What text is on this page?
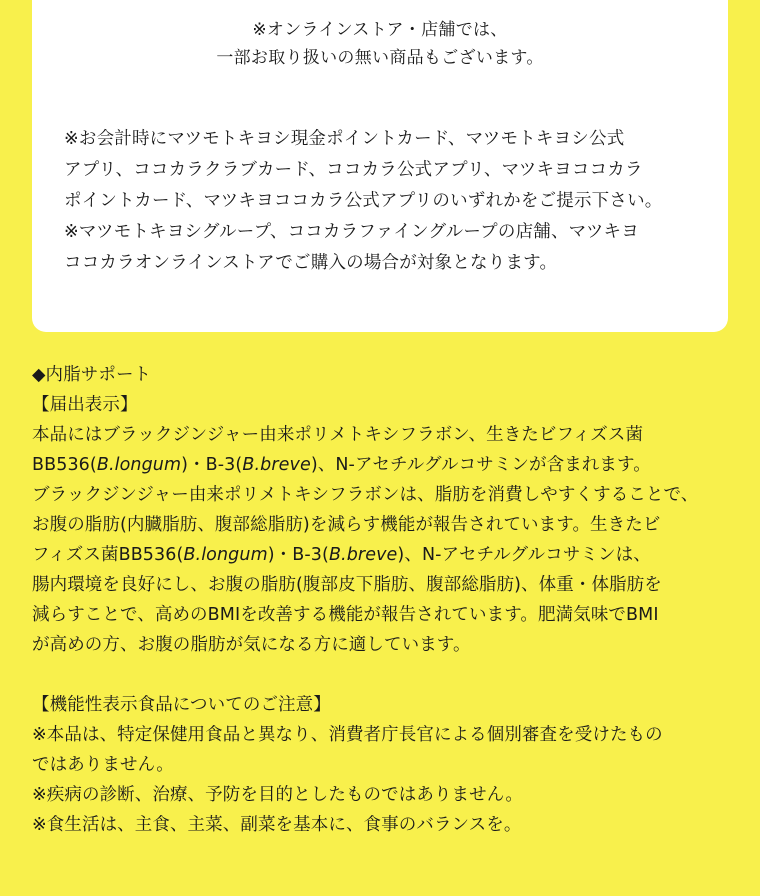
※オンラインストア・店舗では、
一部お取り扱いの無い商品もございます。
※お会計時にマツモトキヨシ現金ポイントカード、マツモトキヨシ公式
アプリ、ココカラクラブカード、ココカラ公式アプリ、マツキヨココカラ
ポイントカード、マツキヨココカラ公式アプリのいずれかをご提示下さい。
※マツモトキヨシグループ、ココカラファイングループの店舗、マツキヨ
ココカラオンラインストアでご購入の場合が対象となります。
◆内脂サポート
【届出表示】
本品にはブラックジンジャー由来ポリメトキシフラボン、生きたビフィズス菌
BB536(B.longum)・B-3(B.breve)、N-アセチルグルコサミンが含まれます。
ブラックジンジャー由来ポリメトキシフラボンは、脂肪を消費しやすくすることで、
お腹の脂肪(内臓脂肪、腹部総脂肪)を減らす機能が報告されています。生きたビ
フィズス菌BB536(B.longum)・B-3(B.breve)、N-アセチルグルコサミンは、
腸内環境を良好にし、お腹の脂肪(腹部皮下脂肪、腹部総脂肪)、体重・体脂肪を
減らすことで、高めのBMIを改善する機能が報告されています。肥満気味でBMI
が高めの方、お腹の脂肪が気になる方に適しています。
【機能性表示食品についてのご注意】
※本品は、特定保健用食品と異なり、消費者庁長官による個別審査を受けたもの
ではありません。
※疾病の診断、治療、予防を目的としたものではありません。
※食生活は、主食、主菜、副菜を基本に、食事のバランスを。
